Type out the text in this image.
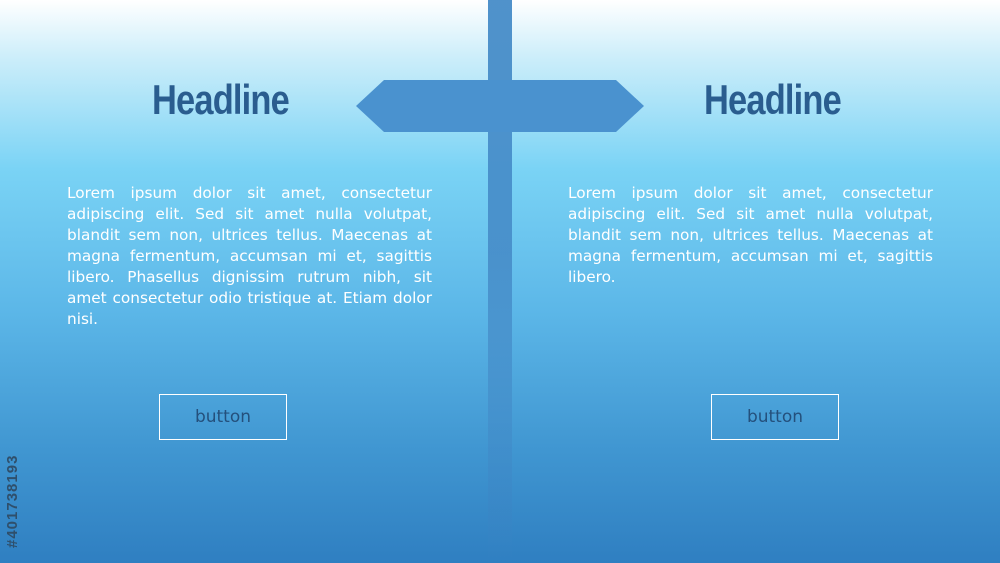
Headline
Lorem ipsum dolor sit amet, consectetur adipiscing elit. Sed sit amet nulla volutpat, blandit sem non, ultrices tellus. Maecenas at magna fermentum, accumsan mi et, sagittis libero. Phasellus dignissim rutrum nibh, sit amet consectetur odio tristique at. Etiam dolor nisi.
button
Headline
Lorem ipsum dolor sit amet, consectetur adipiscing elit. Sed sit amet nulla volutpat, blandit sem non, ultrices tellus. Maecenas at magna fermentum, accumsan mi et, sagittis libero.
button
#401738193
